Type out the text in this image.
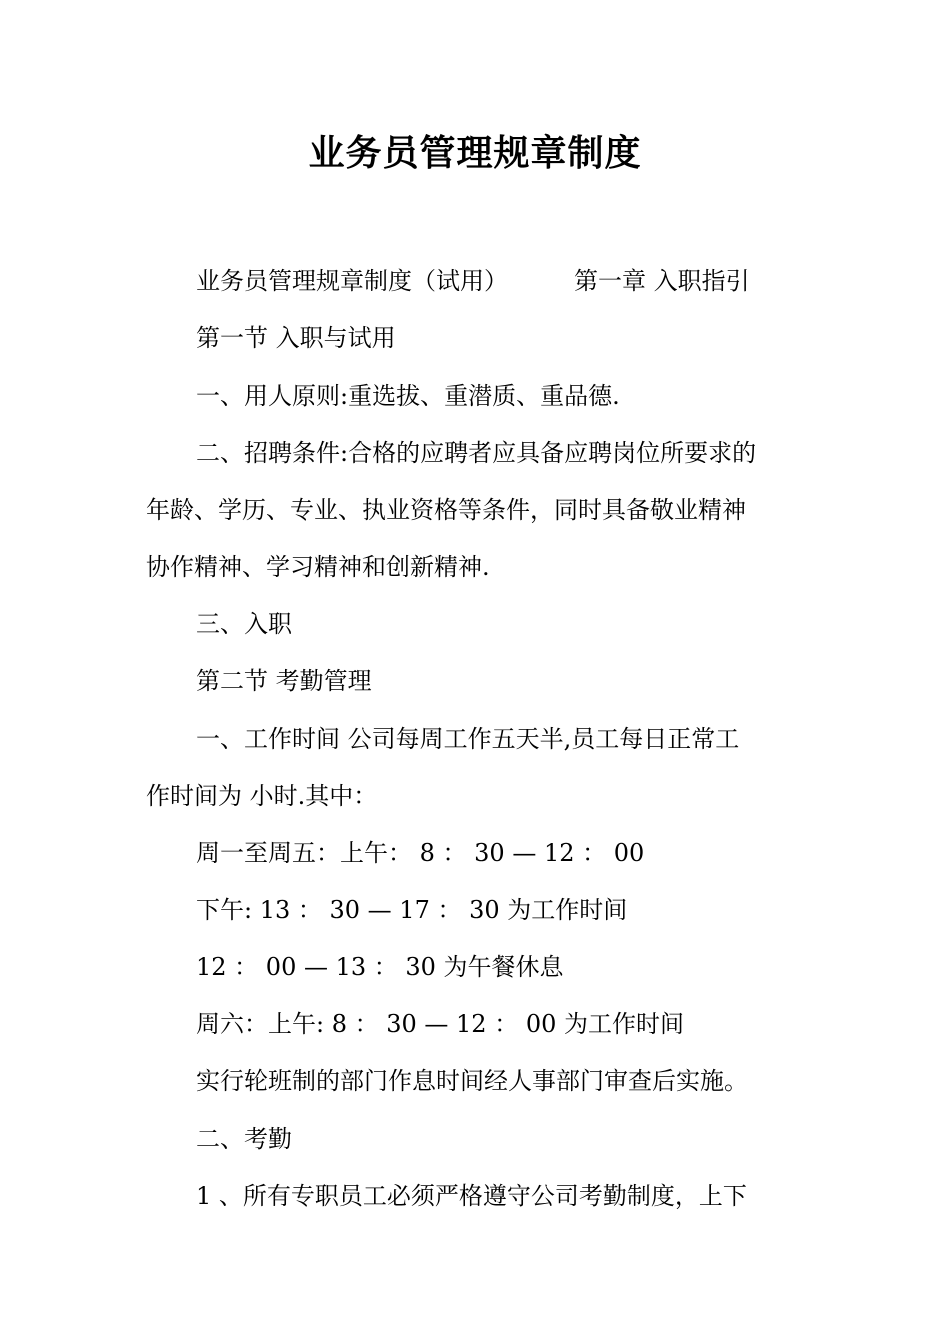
业务员管理规章制度
业务员管理规章制度（试用）	第一章 入职指引
第一节 入职与试用
一、用人原则:重选拔、重潜质、重品德.
二、招聘条件:合格的应聘者应具备应聘岗位所要求的
年龄、学历、专业、执业资格等条件，同时具备敬业精神
协作精神、学习精神和创新精神.
三、入职
第二节 考勤管理
一、工作时间 公司每周工作五天半,员工每日正常工
作时间为 小时.其中：
周一至周五：上午： 8 ： 30 — 12 ： 00
下午: 13 ： 30 — 17 ： 30 为工作时间
12 ： 00 — 13 ： 30 为午餐休息
周六：上午: 8 ： 30 — 12 ： 00 为工作时间
实行轮班制的部门作息时间经人事部门审查后实施。
二、考勤
1 、所有专职员工必须严格遵守公司考勤制度，上下
